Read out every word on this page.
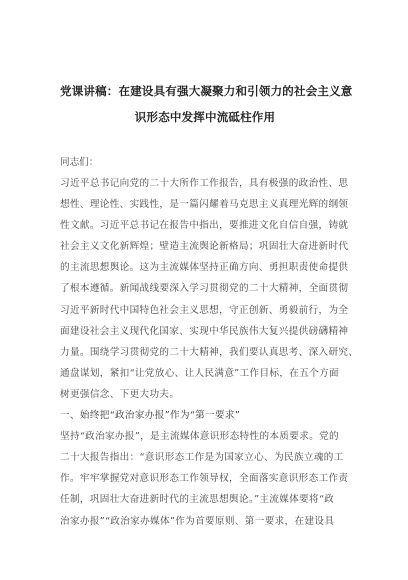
党课讲稿：在建设具有强大凝聚力和引领力的社会主义意
识形态中发挥中流砥柱作用

同志们：

习近平总书记向党的二十大所作工作报告，具有极强的政治性、思
想性、理论性、实践性，是一篇闪耀着马克思主义真理光辉的纲领
性文献。习近平总书记在报告中指出，要推进文化自信自强，铸就
社会主义文化新辉煌；壁造主流舆论新格局；巩固壮大奋进新时代
的主流思想舆论。这为主流媒体坚持正确方向、勇担职责使命提供
了根本遵循。新闻战线要深入学习贯彻党的二十大精神，全面贯彻
习近平新时代中国特色社会主义思想，守正创新、勇毅前行，为全
面建设社会主义现代化国家、实现中华民族伟大复兴提供磅礴精神
力量。围绕学习贯彻党的二十大精神，我们要认真思考、深入研究、
通盘谋划，紧扣“让党放心、让人民满意”工作目标，在五个方面
树更强信念、下更大功夫。
一、始终把“政治家办报”作为“第一要求”
坚持“政治家办报”，是主流媒体意识形态特性的本质要求。党的
二十大报告指出：“意识形态工作是为国家立心、为民族立魂的工
作。牢牢掌握党对意识形态工作领导权，全面落实意识形态工作责
任制，巩固壮大奋进新时代的主流思想舆论。”主流媒体要将“政
治家办报”“政治家办媒体”作为首要原则、第一要求，在建设具
